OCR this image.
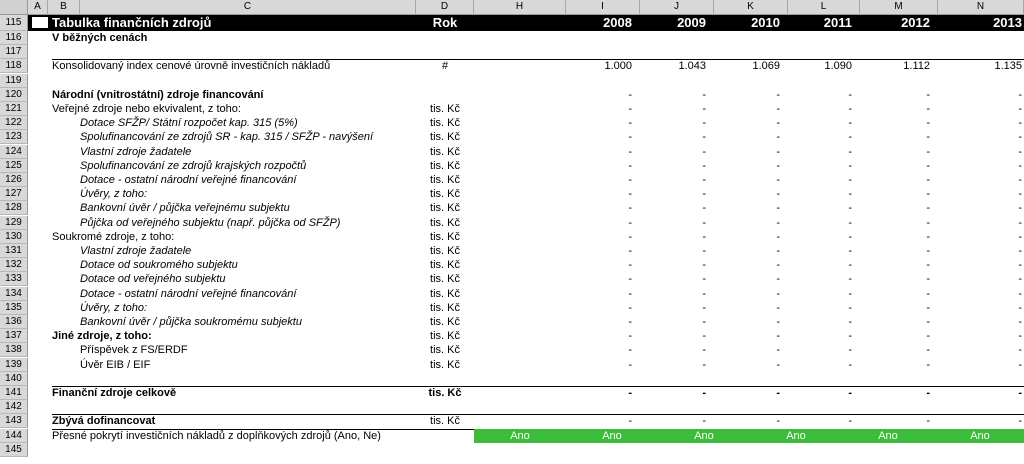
A	B	C	D	H	I	J	K	L	M	N
115	Tabulka finančních zdrojů	Rok	2008	2009	2010	2011	2012	2013
116	V běžných cenách
117
118	Konsolidovaný index cenové úrovně investičních nákladů	#	1.000	1.043	1.069	1.090	1.112	1.135
119
120	Národní (vnitrostátní) zdroje financování	-	-	-	-	-	-
121	Veřejné zdroje nebo ekvivalent, z toho:	tis. Kč	-	-	-	-	-	-
122	Dotace SFŽP/ Státní rozpočet kap. 315 (5%)	tis. Kč	-	-	-	-	-	-
123	Spolufinancování ze zdrojů SR - kap. 315 / SFŽP - navýšení	tis. Kč	-	-	-	-	-	-
124	Vlastní zdroje žadatele	tis. Kč	-	-	-	-	-	-
125	Spolufinancování ze zdrojů krajských rozpočtů	tis. Kč	-	-	-	-	-	-
126	Dotace - ostatní národní veřejné financování	tis. Kč	-	-	-	-	-	-
127	Úvěry, z toho:	tis. Kč	-	-	-	-	-	-
128	Bankovní úvěr / půjčka veřejnému subjektu	tis. Kč	-	-	-	-	-	-
129	Půjčka od veřejného subjektu (např. půjčka od SFŽP)	tis. Kč	-	-	-	-	-	-
130	Soukromé zdroje, z toho:	tis. Kč	-	-	-	-	-	-
131	Vlastní zdroje žadatele	tis. Kč	-	-	-	-	-	-
132	Dotace od soukromého subjektu	tis. Kč	-	-	-	-	-	-
133	Dotace od veřejného subjektu	tis. Kč	-	-	-	-	-	-
134	Dotace - ostatní národní veřejné financování	tis. Kč	-	-	-	-	-	-
135	Úvěry, z toho:	tis. Kč	-	-	-	-	-	-
136	Bankovní úvěr / půjčka soukromému subjektu	tis. Kč	-	-	-	-	-	-
137	Jiné zdroje, z toho:	tis. Kč	-	-	-	-	-	-
138	Příspěvek z FS/ERDF	tis. Kč	-	-	-	-	-	-
139	Úvěr EIB / EIF	tis. Kč	-	-	-	-	-	-
140
141	Finanční zdroje celkově	tis. Kč	-	-	-	-	-	-
142
143	Zbývá dofinancovat	tis. Kč	-	-	-	-	-	-
144	Přesné pokrytí investičních nákladů z doplňkových zdrojů (Ano, Ne)	Ano	Ano	Ano	Ano	Ano	Ano
145
